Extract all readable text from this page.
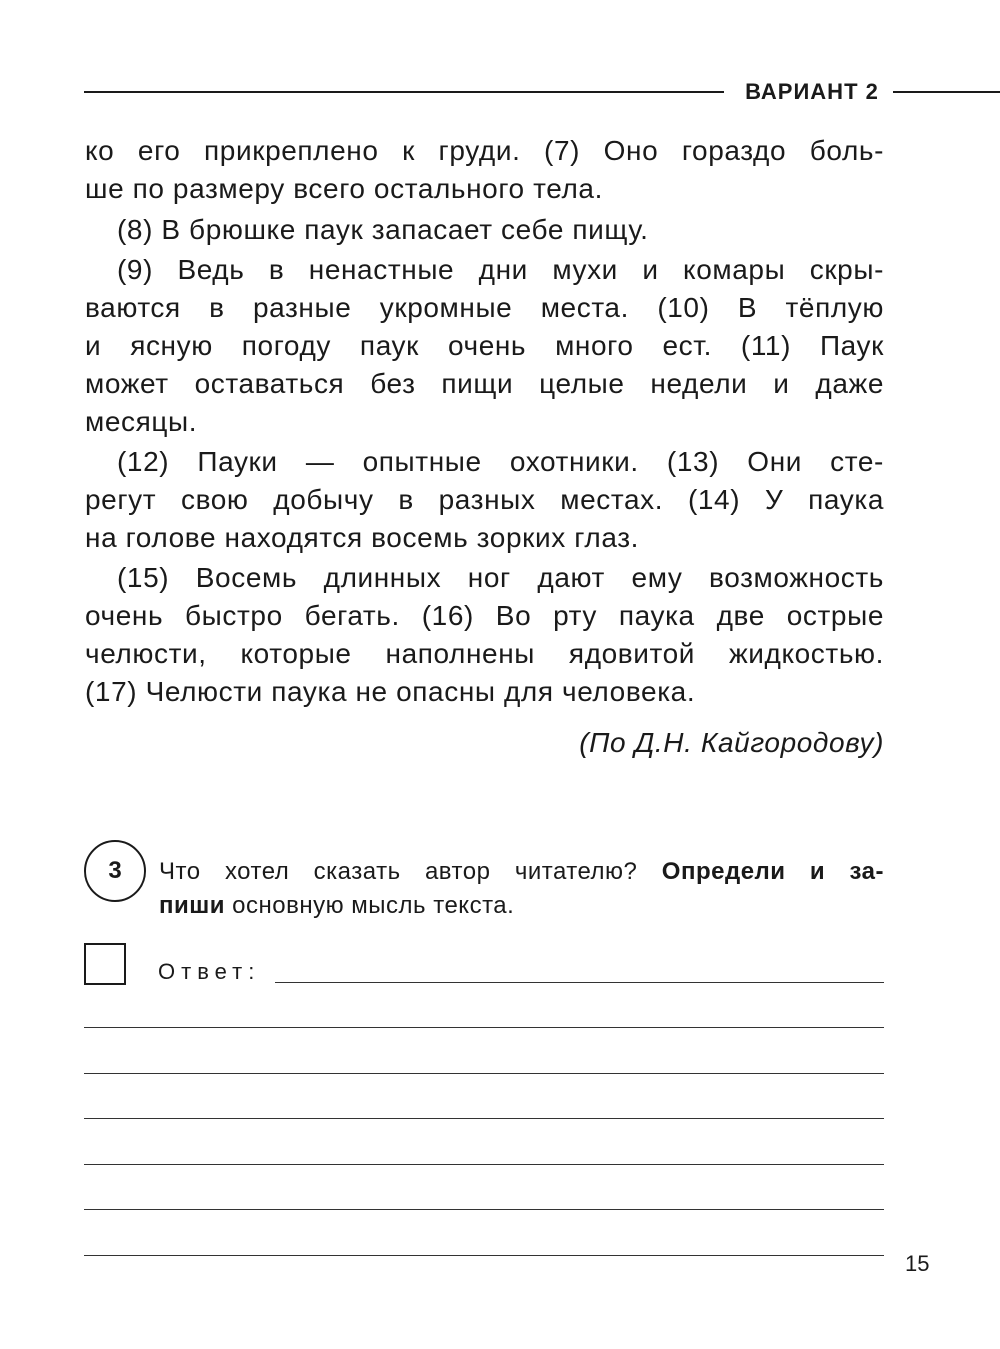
ВАРИАНТ 2
ко его прикреплено к груди. (7) Оно гораздо боль-
ше по размеру всего остального тела.
(8) В брюшке паук запасает себе пищу.
(9) Ведь в ненастные дни мухи и комары скры-
ваются в разные укромные места. (10) В тёплую
и ясную погоду паук очень много ест. (11) Паук
может оставаться без пищи целые недели и даже
месяцы.
(12) Пауки — опытные охотники. (13) Они сте-
регут свою добычу в разных местах. (14) У паука
на голове находятся восемь зорких глаз.
(15) Восемь длинных ног дают ему возможность
очень быстро бегать. (16) Во рту паука две острые
челюсти, которые наполнены ядовитой жидкостью.
(17) Челюсти паука не опасны для человека.
(По Д.Н. Кайгородову)
3 Что хотел сказать автор читателю? Определи и за-
пиши основную мысль текста.
Ответ:
15
